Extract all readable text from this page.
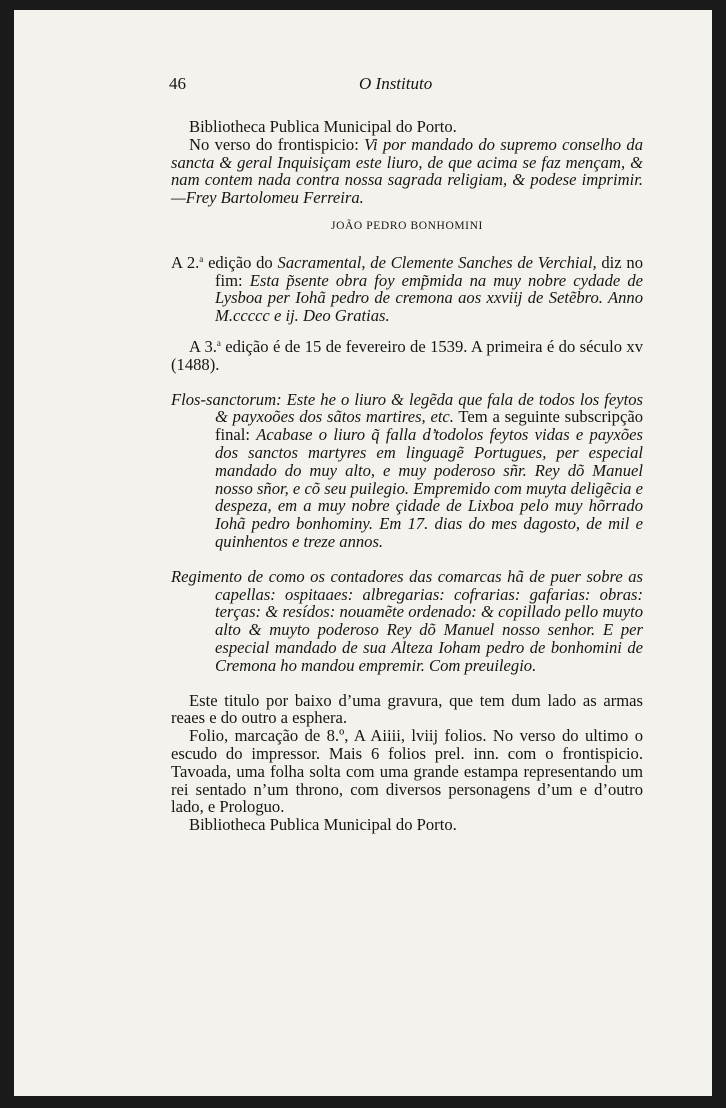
46	O Instituto

Bibliotheca Publica Municipal do Porto.

No verso do frontispicio: Vi por mandado do supremo conselho da sancta & geral Inquisiçam este liuro, de que acima se faz mençam, & nam contem nada contra nossa sagrada religiam, & podese imprimir.—Frey Bartolomeu Ferreira.

JOÃO PEDRO BONHOMINI

A 2.$^a$ edição do Sacramental, de Clemente Sanches de Verchial, diz no fim: Esta p̃sente obra foy emp̃mida na muy nobre cydade de Lysboa per Iohã pedro de cremona aos xxviij de Setẽbro. Anno M.ccccc e ij. Deo Gratias.

A 3.$^a$ edição é de 15 de fevereiro de 1539. A primeira é do século xv (1488).

Flos-sanctorum: Este he o liuro & legẽda que fala de todos los feytos & payxoões dos sãtos martires, etc. Tem a seguinte subscripção final: Acabase o liuro q̃ falla d’todolos feytos vidas e payxões dos sanctos martyres em linguagẽ Portugues, per especial mandado do muy alto, e muy poderoso sñr. Rey dõ Manuel nosso sñor, e cõ seu puilegio. Empremido com muyta deligẽcia e despeza, em a muy nobre çidade de Lixboa pelo muy hõrrado Iohã pedro bonhominy. Em 17. dias do mes dagosto, de mil e quinhentos e treze annos.

Regimento de como os contadores das comarcas hã de puer sobre as capellas: ospitaaes: albregarias: cofrarias: gafarias: obras: terças: & resídos: nouamẽte ordenado: & copillado pello muyto alto & muyto poderoso Rey dõ Manuel nosso senhor. E per especial mandado de sua Alteza Ioham pedro de bonhomini de Cremona ho mandou empremir. Com preuilegio.

Este titulo por baixo d’uma gravura, que tem dum lado as armas reaes e do outro a esphera.

Folio, marcação de 8.º, A Aiiii, lviij folios. No verso do ultimo o escudo do impressor. Mais 6 folios prel. inn. com o frontispicio. Tavoada, uma folha solta com uma grande estampa representando um rei sentado n’um throno, com diversos personagens d’um e d’outro lado, e Prologuo.

Bibliotheca Publica Municipal do Porto.
